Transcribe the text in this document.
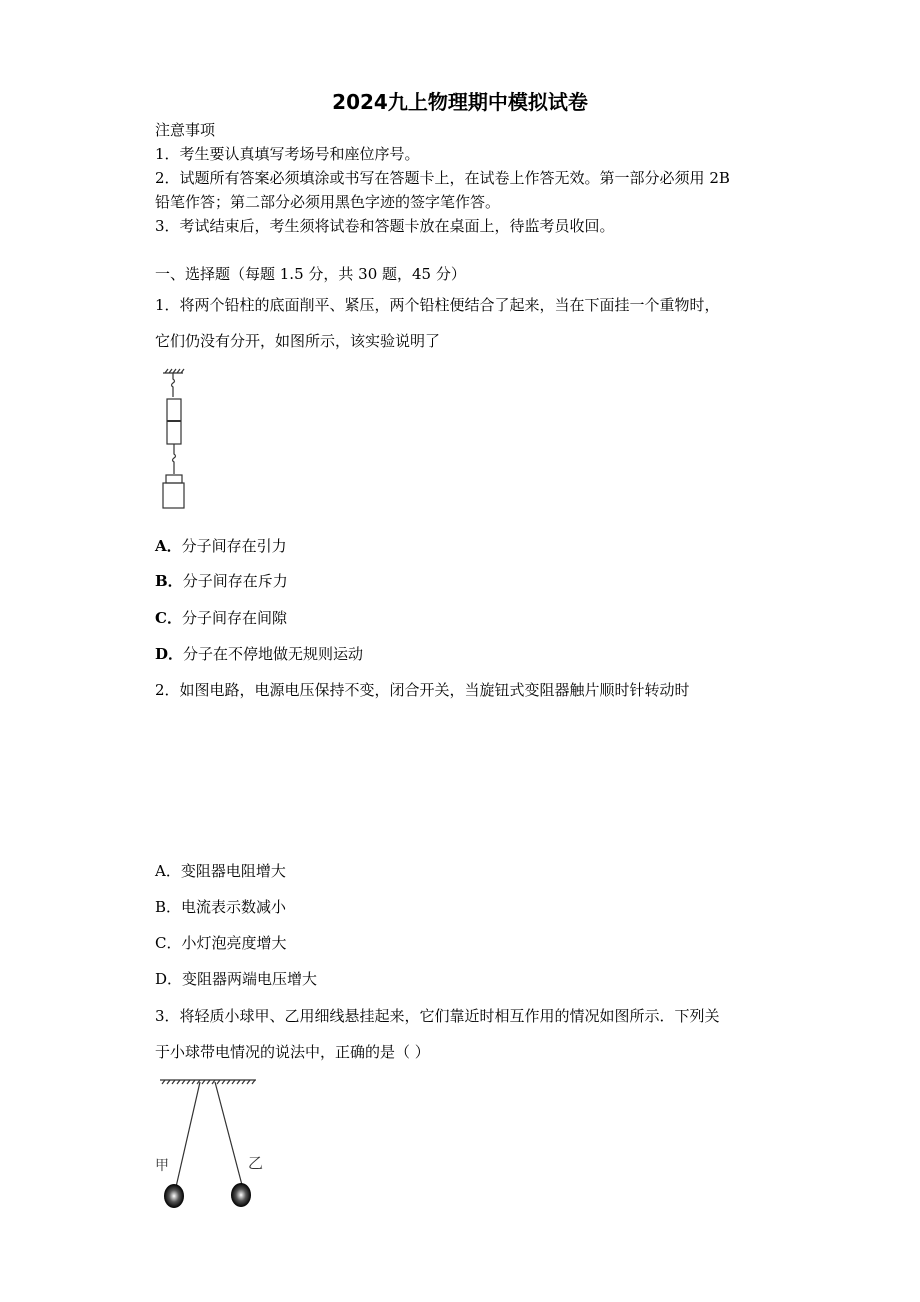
2024九上物理期中模拟试卷
注意事项
1．考生要认真填写考场号和座位序号。
2．试题所有答案必须填涂或书写在答题卡上，在试卷上作答无效。第一部分必须用 2B
铅笔作答；第二部分必须用黑色字迹的签字笔作答。
3．考试结束后，考生须将试卷和答题卡放在桌面上，待监考员收回。
一、选择题（每题 1.5 分，共 30 题，45 分）
1．将两个铅柱的底面削平、紧压，两个铅柱便结合了起来，当在下面挂一个重物时，
它们仍没有分开，如图所示，该实验说明了
A．分子间存在引力
B．分子间存在斥力
C．分子间存在间隙
D．分子在不停地做无规则运动
2．如图电路，电源电压保持不变，闭合开关，当旋钮式变阻器触片顺时针转动时
A．变阻器电阻增大
B．电流表示数减小
C．小灯泡亮度增大
D．变阻器两端电压增大
3．将轻质小球甲、乙用细线悬挂起来，它们靠近时相互作用的情况如图所示．下列关
于小球带电情况的说法中，正确的是（ ）
甲	乙
